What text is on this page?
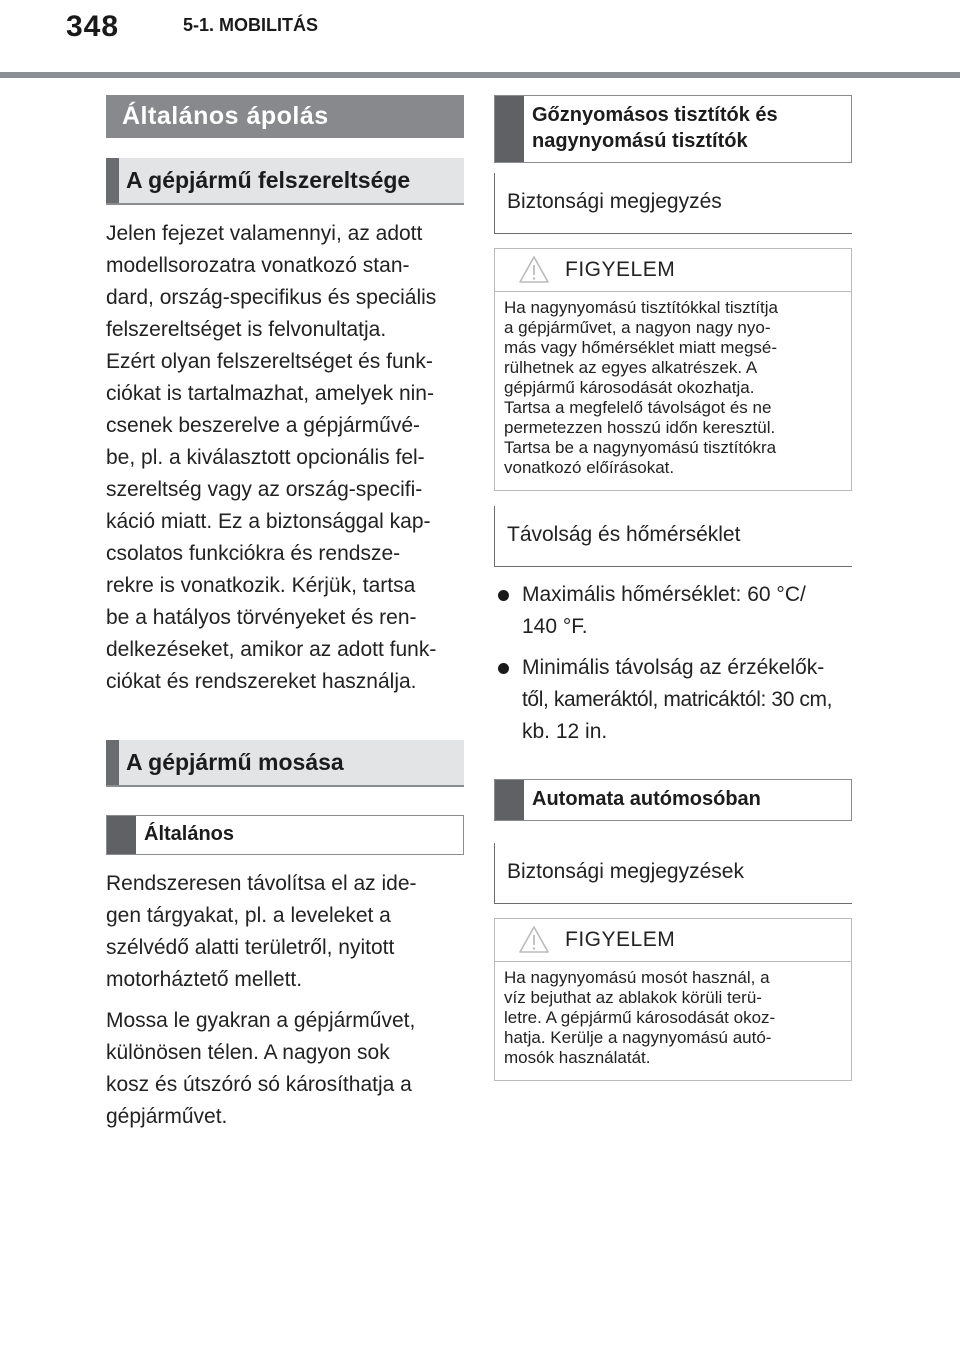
348	5-1. MOBILITÁS
Általános ápolás
A gépjármű felszereltsége
Jelen fejezet valamennyi, az adott
modellsorozatra vonatkozó stan-
dard, ország-specifikus és speciális
felszereltséget is felvonultatja.
Ezért olyan felszereltséget és funk-
ciókat is tartalmazhat, amelyek nin-
csenek beszerelve a gépjárművé-
be, pl. a kiválasztott opcionális fel-
szereltség vagy az ország-specifi-
káció miatt. Ez a biztonsággal kap-
csolatos funkciókra és rendsze-
rekre is vonatkozik. Kérjük, tartsa
be a hatályos törvényeket és ren-
delkezéseket, amikor az adott funk-
ciókat és rendszereket használja.
A gépjármű mosása
Általános
Rendszeresen távolítsa el az ide-
gen tárgyakat, pl. a leveleket a
szélvédő alatti területről, nyitott
motorháztető mellett.
Mossa le gyakran a gépjárművet,
különösen télen. A nagyon sok
kosz és útszóró só károsíthatja a
gépjárművet.
Gőznyomásos tisztítók és
nagynyomású tisztítók
Biztonsági megjegyzés
FIGYELEM
Ha nagynyomású tisztítókkal tisztítja
a gépjárművet, a nagyon nagy nyo-
más vagy hőmérséklet miatt megsé-
rülhetnek az egyes alkatrészek. A
gépjármű károsodását okozhatja.
Tartsa a megfelelő távolságot és ne
permetezzen hosszú időn keresztül.
Tartsa be a nagynyomású tisztítókra
vonatkozó előírásokat.
Távolság és hőmérséklet
Maximális hőmérséklet: 60 °C/
140 °F.
Minimális távolság az érzékelők-
től, kameráktól, matricáktól: 30 cm,
kb. 12 in.
Automata autómosóban
Biztonsági megjegyzések
FIGYELEM
Ha nagynyomású mosót használ, a
víz bejuthat az ablakok körüli terü-
letre. A gépjármű károsodását okoz-
hatja. Kerülje a nagynyomású autó-
mosók használatát.
